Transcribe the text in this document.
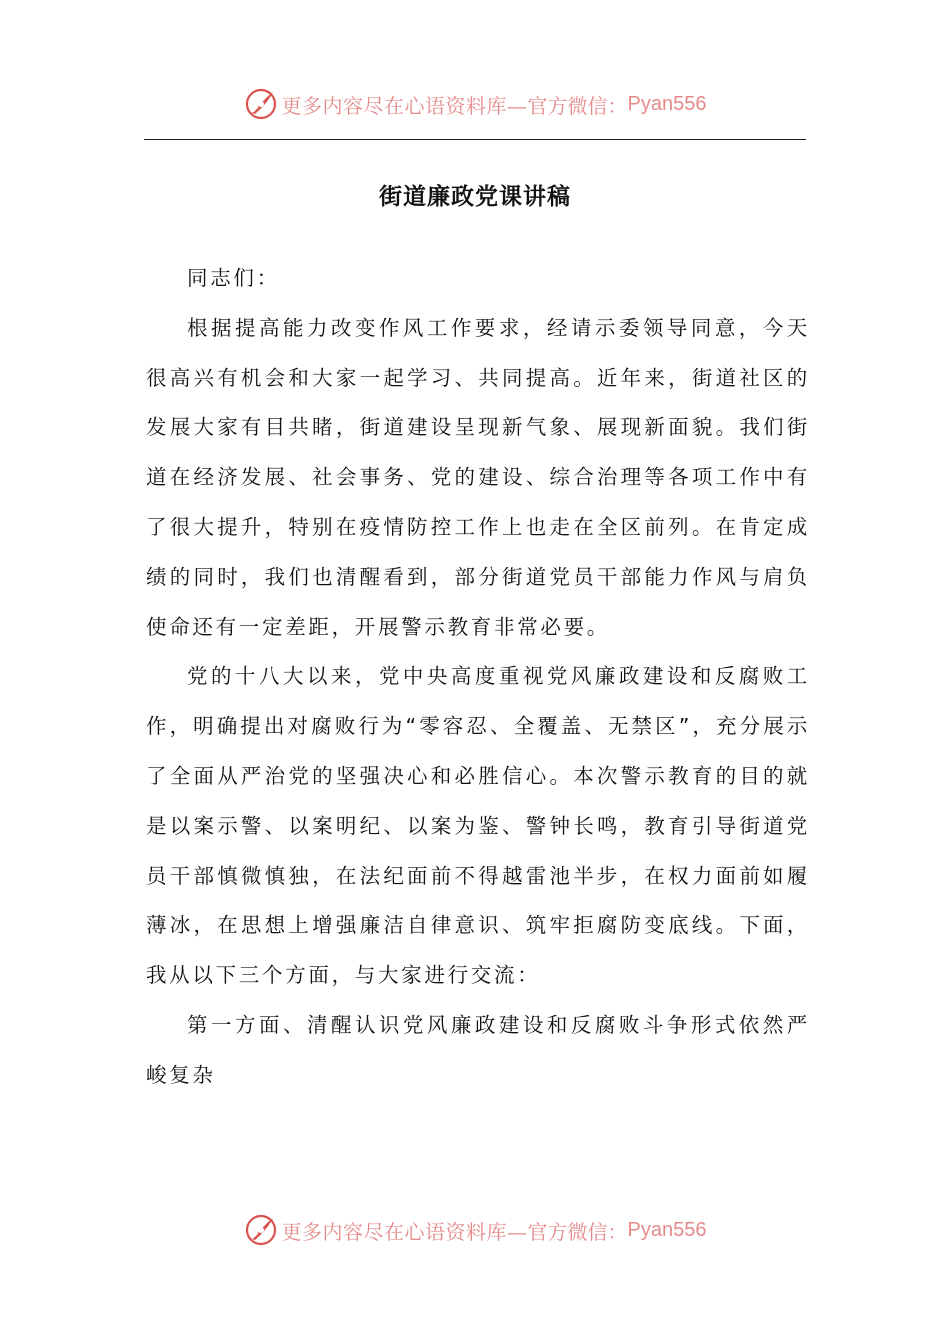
更多内容尽在心语资料库— 官方微信： Pyan556
街道廉政党课讲稿

同志们：

根据提高能力改变作风工作要求，经请示委领导同意，今天很高兴有机会和大家一起学习、共同提高。近年来，街道社区的发展大家有目共睹，街道建设呈现新气象、展现新面貌。我们街道在经济发展、社会事务、党的建设、综合治理等各项工作中有了很大提升，特别在疫情防控工作上也走在全区前列。在肯定成绩的同时，我们也清醒看到，部分街道党员干部能力作风与肩负使命还有一定差距，开展警示教育非常必要。

党的十八大以来，党中央高度重视党风廉政建设和反腐败工作，明确提出对腐败行为“零容忍、全覆盖、无禁区”，充分展示了全面从严治党的坚强决心和必胜信心。本次警示教育的目的就是以案示警、以案明纪、以案为鉴、警钟长鸣，教育引导街道党员干部慎微慎独，在法纪面前不得越雷池半步，在权力面前如履薄冰，在思想上增强廉洁自律意识、筑牢拒腐防变底线。下面，我从以下三个方面，与大家进行交流：

第一方面、清醒认识党风廉政建设和反腐败斗争形式依然严峻复杂

更多内容尽在心语资料库— 官方微信： Pyan556
